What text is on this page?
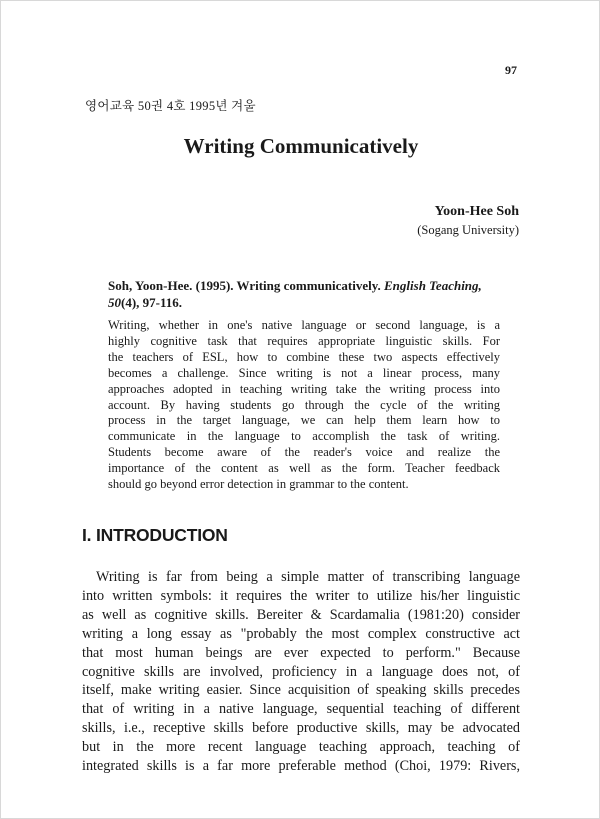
97
영어교육 50권 4호 1995년 겨울
Writing Communicatively
Yoon-Hee Soh
(Sogang University)
Soh, Yoon-Hee. (1995). Writing communicatively. English Teaching,
50(4), 97-116.
Writing, whether in one's native language or second language, is a
highly cognitive task that requires appropriate linguistic skills. For
the teachers of ESL, how to combine these two aspects effectively
becomes a challenge. Since writing is not a linear process, many
approaches adopted in teaching writing take the writing process into
account. By having students go through the cycle of the writing
process in the target language, we can help them learn how to
communicate in the language to accomplish the task of writing.
Students become aware of the reader's voice and realize the
importance of the content as well as the form. Teacher feedback
should go beyond error detection in grammar to the content.
I. INTRODUCTION
Writing is far from being a simple matter of transcribing language
into written symbols: it requires the writer to utilize his/her linguistic
as well as cognitive skills. Bereiter & Scardamalia (1981:20) consider
writing a long essay as "probably the most complex constructive act
that most human beings are ever expected to perform." Because
cognitive skills are involved, proficiency in a language does not, of
itself, make writing easier. Since acquisition of speaking skills precedes
that of writing in a native language, sequential teaching of different
skills, i.e., receptive skills before productive skills, may be advocated
but in the more recent language teaching approach, teaching of
integrated skills is a far more preferable method (Choi, 1979: Rivers,
